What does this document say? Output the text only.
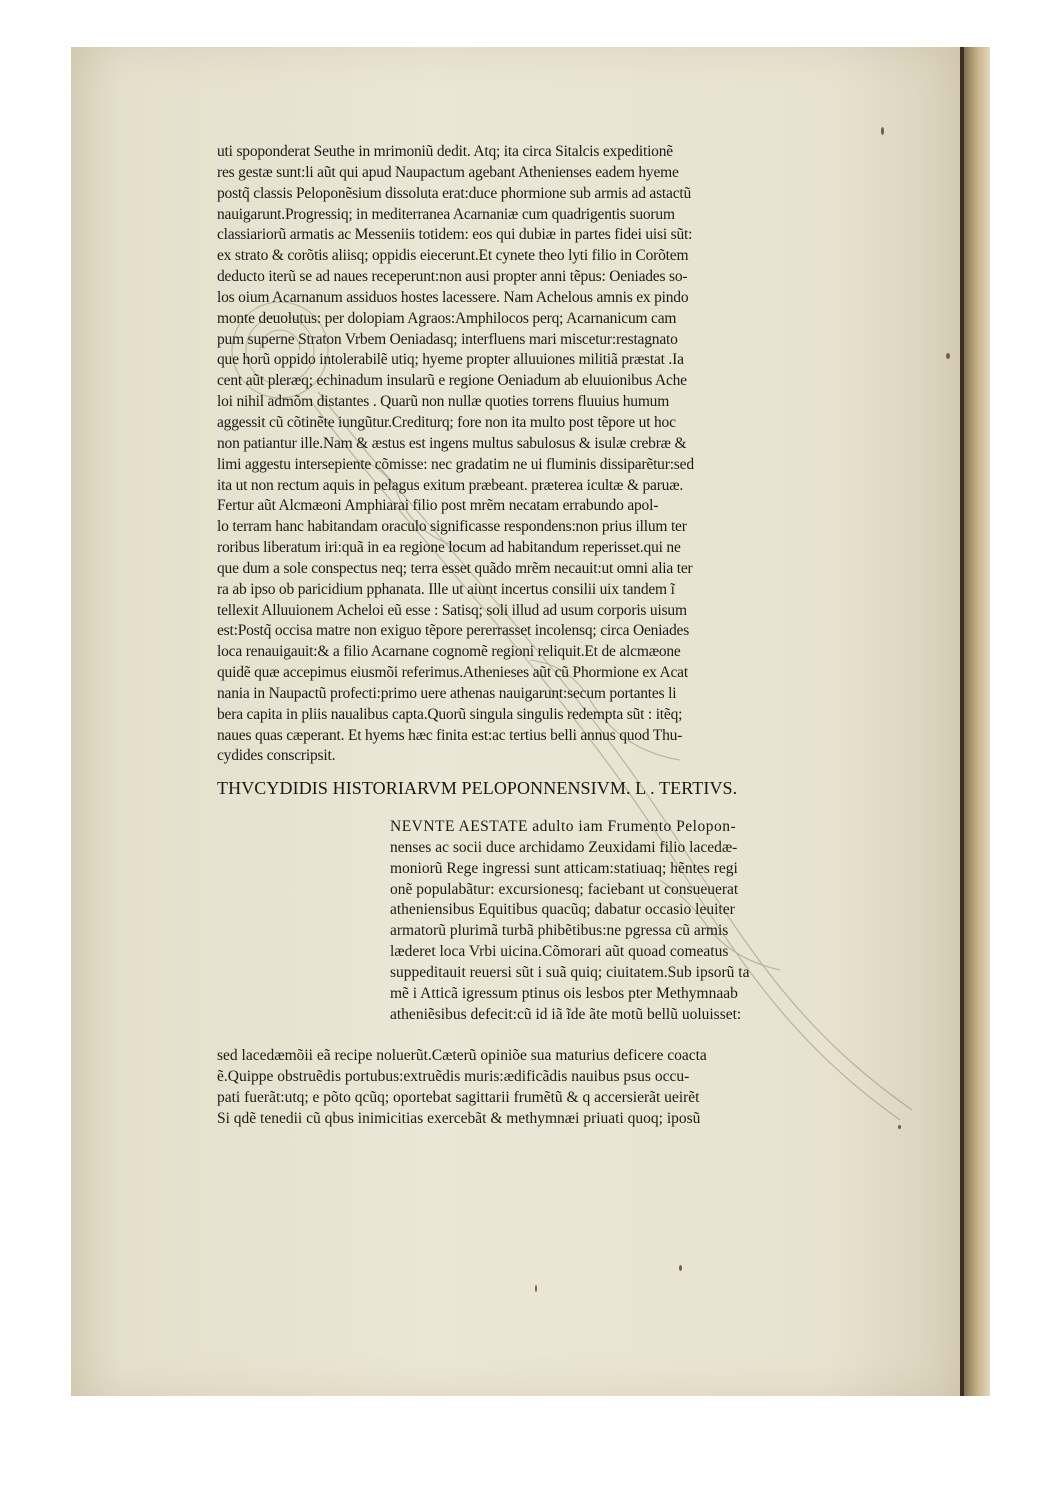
uti spoponderat Seuthe in mrimoniũ dedit. Atq; ita circa Sitalcis expeditionẽ
res gestæ sunt:li aũt qui apud Naupactum agebant Athenienses eadem hyeme
postq̃ classis Peloponẽsium dissoluta erat:duce phormione sub armis ad astactũ
nauigarunt.Progressiq; in mediterranea Acarnaniæ cum quadrigentis suorum
classiariorũ armatis ac Messeniis totidem: eos qui dubiæ in partes fidei uisi sũt:
ex strato & corõtis aliisq; oppidis eiecerunt.Et cynete theo lyti filio in Corõtem
deducto iterũ se ad naues receperunt:non ausi propter anni tẽpus: Oeniades so-
los oium Acarnanum assiduos hostes lacessere. Nam Achelous amnis ex pindo
monte deuolutus: per dolopiam Agraos:Amphilocos perq; Acarnanicum cam
pum superne Straton Vrbem Oeniadasq; interfluens mari miscetur:restagnato
que horũ oppido intolerabilẽ utiq; hyeme propter alluuiones militiã præstat .Ia
cent aũt pleræq; echinadum insularũ e regione Oeniadum ab eluuionibus Ache
loi nihil admõm distantes . Quarũ non nullæ quoties torrens fluuius humum
aggessit cũ cõtinẽte iungũtur.Crediturq; fore non ita multo post tẽpore ut hoc
non patiantur ille.Nam & æstus est ingens multus sabulosus & isulæ crebræ &
limi aggestu intersepiente cõmisse: nec gradatim ne ui fluminis dissiparẽtur:sed
ita ut non rectum aquis in pelagus exitum præbeant. præterea icultæ & paruæ.
Fertur aũt Alcmæoni Amphiarai filio post mrẽm necatam errabundo apol-
lo terram hanc habitandam oraculo significasse respondens:non prius illum ter
roribus liberatum iri:quã in ea regione locum ad habitandum reperisset.qui ne
que dum a sole conspectus neq; terra esset quãdo mrẽm necauit:ut omni alia ter
ra ab ipso ob paricidium pphanata. Ille ut aiunt incertus consilii uix tandem ĩ
tellexit Alluuionem Acheloi eũ esse : Satisq; soli illud ad usum corporis uisum
est:Postq̃ occisa matre non exiguo tẽpore pererrasset incolensq; circa Oeniades
loca renauigauit:& a filio Acarnane cognomẽ regioni reliquit.Et de alcmæone
quidẽ quæ accepimus eiusmõi referimus.Athenieses aũt cũ Phormione ex Acat
nania in Naupactũ profecti:primo uere athenas nauigarunt:secum portantes li
bera capita in pliis naualibus capta.Quorũ singula singulis redempta sũt : itẽq;
naues quas cæperant. Et hyems hæc finita est:ac tertius belli annus quod Thu-
cydides conscripsit.
THVCYDIDIS HISTORIARVM PELOPONNENSIVM. L . TERTIVS.
NEVNTE AESTATE adulto iam Frumento Pelopon-
nenses ac socii duce archidamo Zeuxidami filio lacedæ-
moniorũ Rege ingressi sunt atticam:statiuaq; hẽntes regi
onẽ populabãtur: excursionesq; faciebant ut consueuerat
atheniensibus Equitibus quacũq; dabatur occasio leuiter
armatorũ plurimã turbã phibẽtibus:ne pgressa cũ armis
læderet loca Vrbi uicina.Cõmorari aũt quoad comeatus
suppeditauit reuersi sũt i suã quiq; ciuitatem.Sub ipsorũ ta
mẽ i Atticã igressum ptinus ois lesbos pter Methymnaab
atheniẽsibus defecit:cũ id iã ĩde ãte motũ bellũ uoluisset:
sed lacedæmõii eã recipe noluerũt.Cæterũ opiniõe sua maturius deficere coacta
ẽ.Quippe obstruẽdis portubus:extruẽdis muris:ædificãdis nauibus psus occu-
pati fuerãt:utq; e põto qcũq; oportebat sagittarii frumẽtũ & q accersierãt ueirẽt
Si qdẽ tenedii cũ qbus inimicitias exercebãt & methymnæi priuati quoq; iposũ
